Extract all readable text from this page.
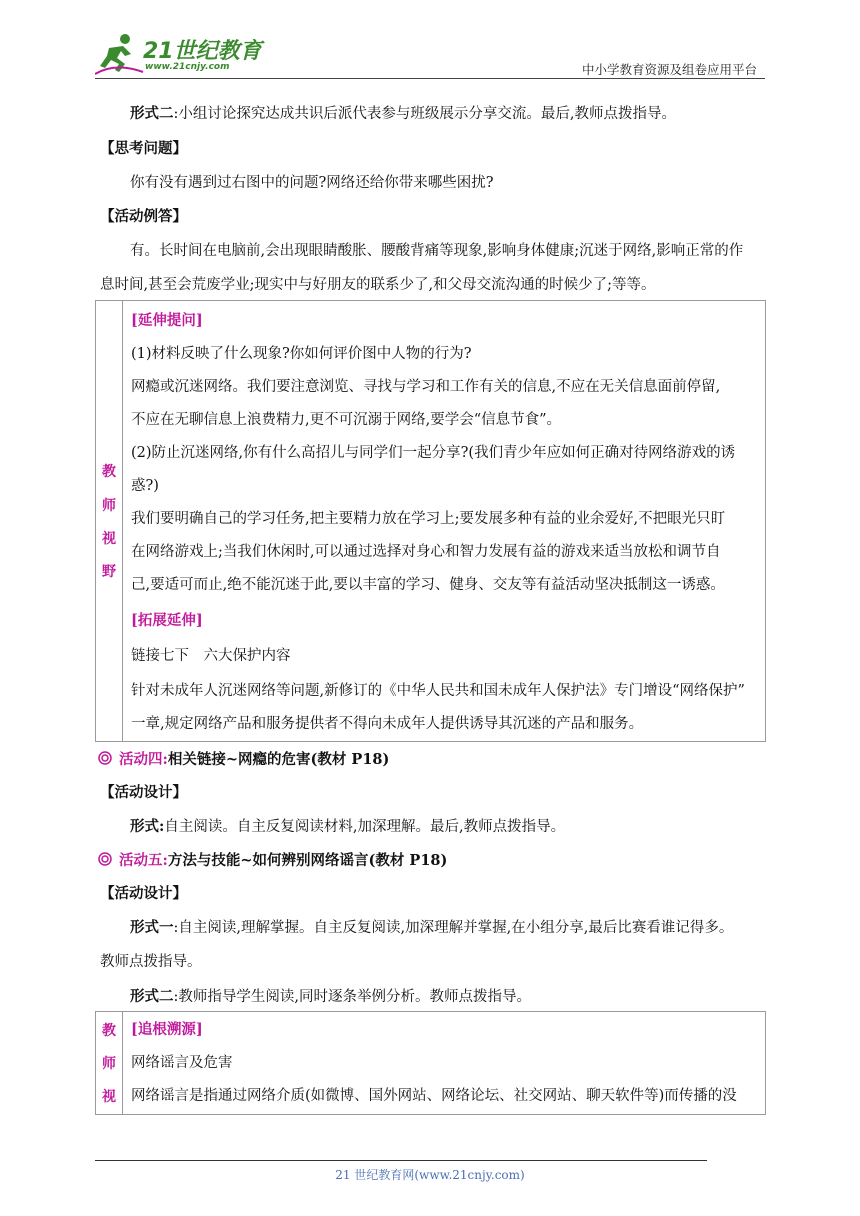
21世纪教育
www.21cnjy.com	中小学教育资源及组卷应用平台
形式二:小组讨论探究达成共识后派代表参与班级展示分享交流。最后,教师点拨指导。
【思考问题】
你有没有遇到过右图中的问题?网络还给你带来哪些困扰?
【活动例答】
有。长时间在电脑前,会出现眼睛酸胀、腰酸背痛等现象,影响身体健康;沉迷于网络,影响正常的作
息时间,甚至会荒废学业;现实中与好朋友的联系少了,和父母交流沟通的时候少了;等等。
教
师
视
野
[延伸提问]
(1)材料反映了什么现象?你如何评价图中人物的行为?
网瘾或沉迷网络。我们要注意浏览、寻找与学习和工作有关的信息,不应在无关信息面前停留,
不应在无聊信息上浪费精力,更不可沉溺于网络,要学会“信息节食”。
(2)防止沉迷网络,你有什么高招儿与同学们一起分享?(我们青少年应如何正确对待网络游戏的诱
惑?)
我们要明确自己的学习任务,把主要精力放在学习上;要发展多种有益的业余爱好,不把眼光只盯
在网络游戏上;当我们休闲时,可以通过选择对身心和智力发展有益的游戏来适当放松和调节自
己,要适可而止,绝不能沉迷于此,要以丰富的学习、健身、交友等有益活动坚决抵制这一诱惑。
[拓展延伸]
链接七下　六大保护内容
针对未成年人沉迷网络等问题,新修订的《中华人民共和国未成年人保护法》专门增设“网络保护”
一章,规定网络产品和服务提供者不得向未成年人提供诱导其沉迷的产品和服务。
活动四:相关链接~网瘾的危害(教材 P18)
【活动设计】
形式:自主阅读。自主反复阅读材料,加深理解。最后,教师点拨指导。
活动五:方法与技能~如何辨别网络谣言(教材 P18)
【活动设计】
形式一:自主阅读,理解掌握。自主反复阅读,加深理解并掌握,在小组分享,最后比赛看谁记得多。
教师点拨指导。
形式二:教师指导学生阅读,同时逐条举例分析。教师点拨指导。
教
师
视
[追根溯源]
网络谣言及危害
网络谣言是指通过网络介质(如微博、国外网站、网络论坛、社交网站、聊天软件等)而传播的没
21 世纪教育网(www.21cnjy.com)
